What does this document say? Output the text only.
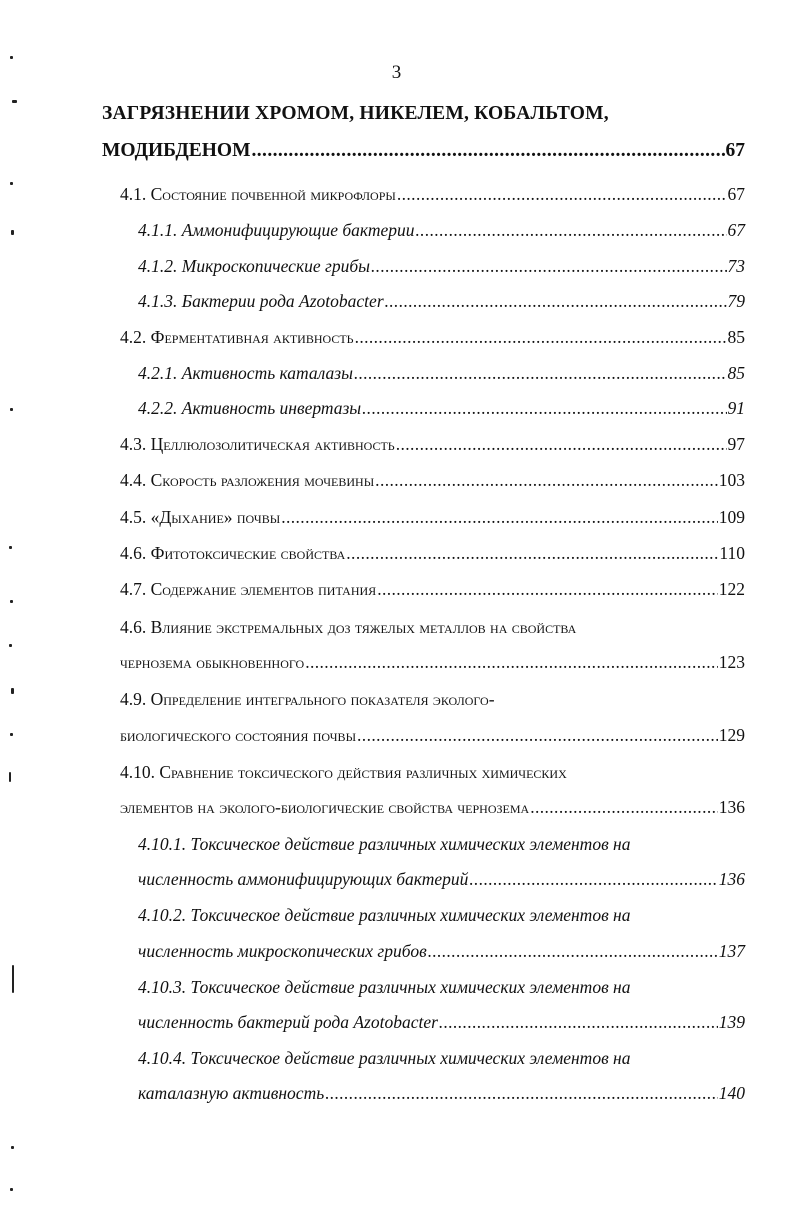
3
ЗАГРЯЗНЕНИИ ХРОМОМ, НИКЕЛЕМ, КОБАЛЬТОМ,
МОДИБДЕНОМ .....	67
4.1. Состояние почвенной микрофлоры .....	67
4.1.1. Аммонифицирующие бактерии .....	67
4.1.2. Микроскопические грибы .....	73
4.1.3. Бактерии рода Azotobacter .....	79
4.2. Ферментативная активность .....	85
4.2.1. Активность каталазы .....	85
4.2.2. Активность инвертазы .....	91
4.3. Целлюлозолитическая активность .....	97
4.4. Скорость разложения мочевины .....	103
4.5. «Дыхание» почвы .....	109
4.6. Фитотоксические свойства .....	110
4.7. Содержание элементов питания .....	122
4.6. Влияние экстремальных доз тяжелых металлов на свойства
чернозема обыкновенного .....	123
4.9. Определение интегрального показателя эколого-
биологического состояния почвы .....	129
4.10. Сравнение токсического действия различных химических
элементов на эколого-биологические свойства чернозема .....	136
4.10.1. Токсическое действие различных химических элементов на
численность аммонифицирующих бактерий .....	136
4.10.2. Токсическое действие различных химических элементов на
численность микроскопических грибов .....	137
4.10.3. Токсическое действие различных химических элементов на
численность бактерий рода Azotobacter .....	139
4.10.4. Токсическое действие различных химических элементов на
каталазную активность .....	140
